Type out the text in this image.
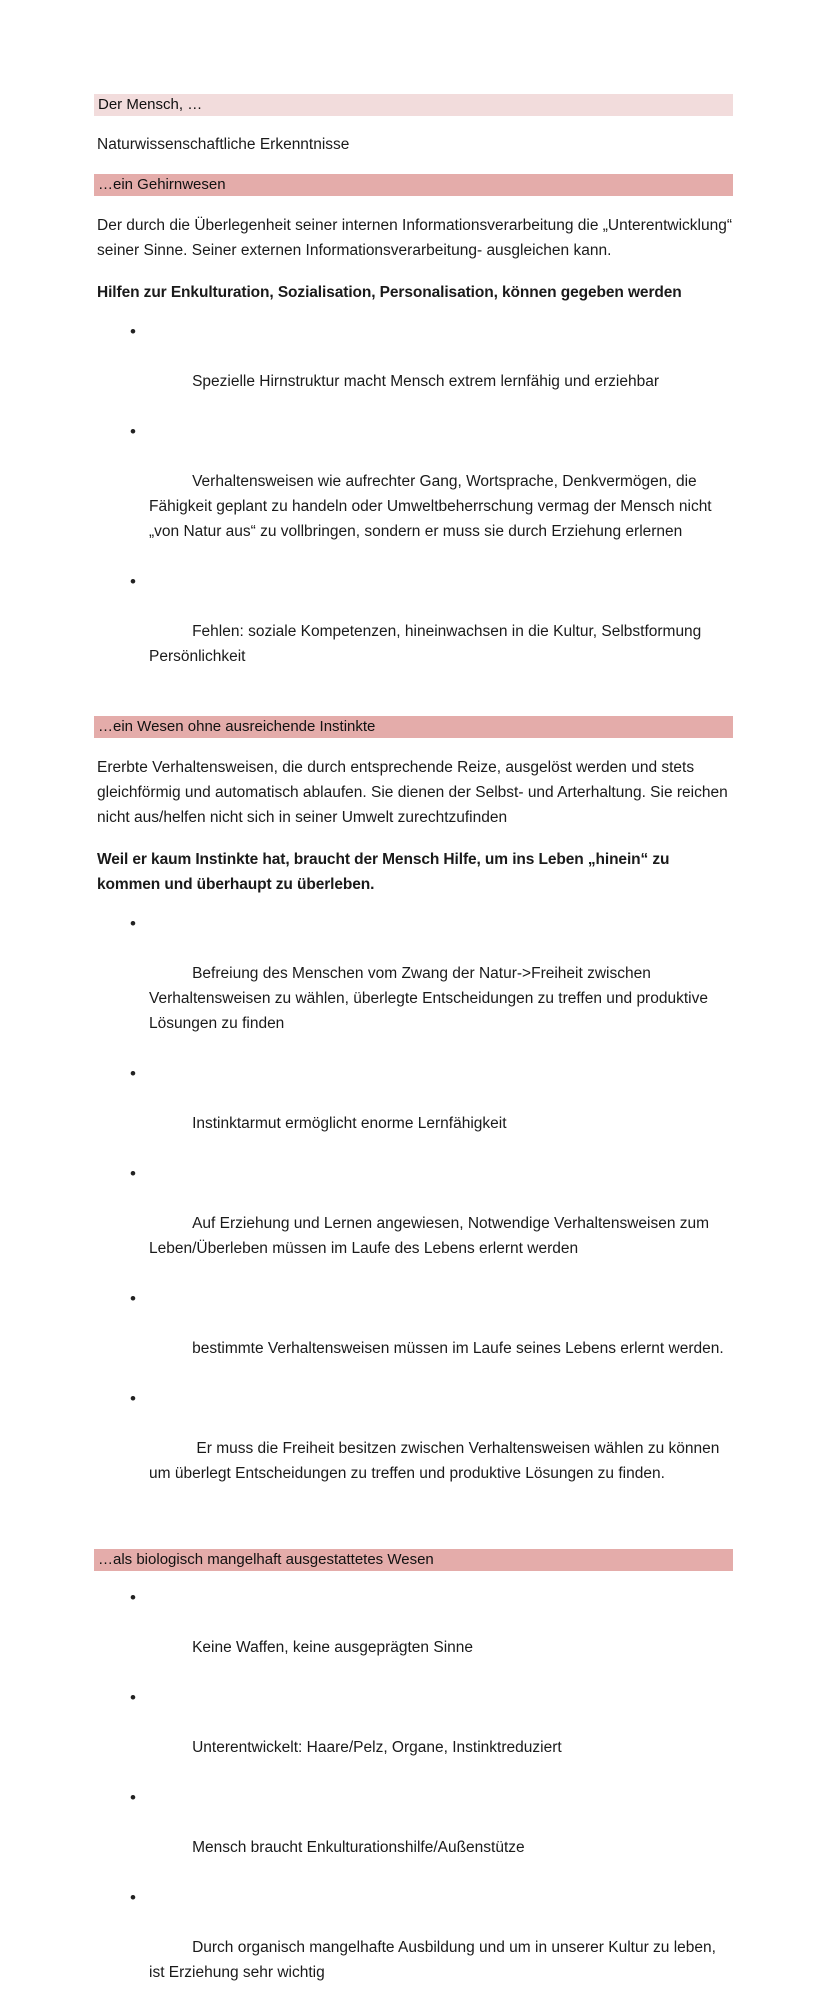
Der Mensch, …

Naturwissenschaftliche Erkenntnisse

…ein Gehirnwesen

Der durch die Überlegenheit seiner internen Informationsverarbeitung die „Unterentwicklung“ seiner Sinne. Seiner externen Informationsverarbeitung- ausgleichen kann.

Hilfen zur Enkulturation, Sozialisation, Personalisation, können gegeben werden

•

Spezielle Hirnstruktur macht Mensch extrem lernfähig und erziehbar

•

Verhaltensweisen wie aufrechter Gang, Wortsprache, Denkvermögen, die Fähigkeit geplant zu handeln oder Umweltbeherrschung vermag der Mensch nicht „von Natur aus“ zu vollbringen, sondern er muss sie durch Erziehung erlernen

•

Fehlen: soziale Kompetenzen, hineinwachsen in die Kultur, Selbstformung Persönlichkeit

…ein Wesen ohne ausreichende Instinkte

Ererbte Verhaltensweisen, die durch entsprechende Reize, ausgelöst werden und stets gleichförmig und automatisch ablaufen. Sie dienen der Selbst- und Arterhaltung. Sie reichen nicht aus/helfen nicht sich in seiner Umwelt zurechtzufinden

Weil er kaum Instinkte hat, braucht der Mensch Hilfe, um ins Leben „hinein“ zu kommen und überhaupt zu überleben.

•

Befreiung des Menschen vom Zwang der Natur->Freiheit zwischen Verhaltensweisen zu wählen, überlegte Entscheidungen zu treffen und produktive Lösungen zu finden

•

Instinktarmut ermöglicht enorme Lernfähigkeit

•

Auf Erziehung und Lernen angewiesen, Notwendige Verhaltensweisen zum Leben/Überleben müssen im Laufe des Lebens erlernt werden

•

bestimmte Verhaltensweisen müssen im Laufe seines Lebens erlernt werden.

•

Er muss die Freiheit besitzen zwischen Verhaltensweisen wählen zu können um überlegt Entscheidungen zu treffen und produktive Lösungen zu finden.

…als biologisch mangelhaft ausgestattetes Wesen

•

Keine Waffen, keine ausgeprägten Sinne

•

Unterentwickelt: Haare/Pelz, Organe, Instinktreduziert

•

Mensch braucht Enkulturationshilfe/Außenstütze

•

Durch organisch mangelhafte Ausbildung und um in unserer Kultur zu leben, ist Erziehung sehr wichtig
